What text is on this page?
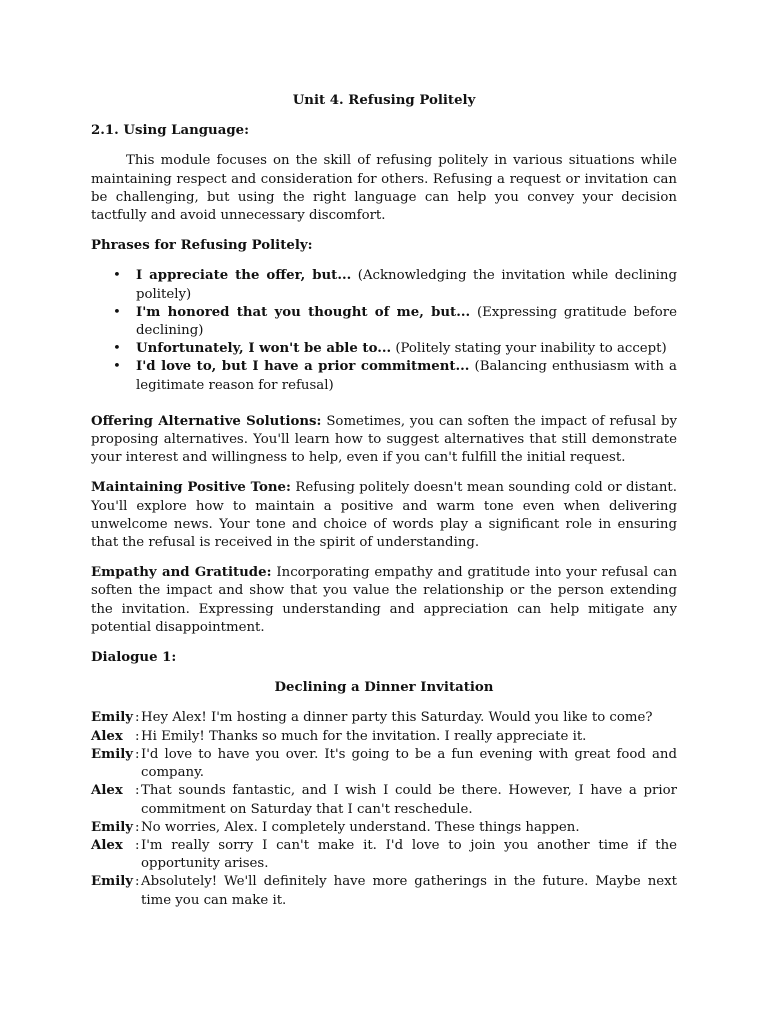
Unit 4. Refusing Politely
2.1. Using Language:

This module focuses on the skill of refusing politely in various situations while maintaining respect and consideration for others. Refusing a request or invitation can be challenging, but using the right language can help you convey your decision tactfully and avoid unnecessary discomfort.

Phrases for Refusing Politely:
• I appreciate the offer, but... (Acknowledging the invitation while declining politely)
• I'm honored that you thought of me, but... (Expressing gratitude before declining)
• Unfortunately, I won't be able to... (Politely stating your inability to accept)
• I'd love to, but I have a prior commitment... (Balancing enthusiasm with a legitimate reason for refusal)

Offering Alternative Solutions: Sometimes, you can soften the impact of refusal by proposing alternatives. You'll learn how to suggest alternatives that still demonstrate your interest and willingness to help, even if you can't fulfill the initial request.

Maintaining Positive Tone: Refusing politely doesn't mean sounding cold or distant. You'll explore how to maintain a positive and warm tone even when delivering unwelcome news. Your tone and choice of words play a significant role in ensuring that the refusal is received in the spirit of understanding.

Empathy and Gratitude: Incorporating empathy and gratitude into your refusal can soften the impact and show that you value the relationship or the person extending the invitation. Expressing understanding and appreciation can help mitigate any potential disappointment.

Dialogue 1:
Declining a Dinner Invitation
Emily : Hey Alex! I'm hosting a dinner party this Saturday. Would you like to come?
Alex : Hi Emily! Thanks so much for the invitation. I really appreciate it.
Emily : I'd love to have you over. It's going to be a fun evening with great food and company.
Alex : That sounds fantastic, and I wish I could be there. However, I have a prior commitment on Saturday that I can't reschedule.
Emily : No worries, Alex. I completely understand. These things happen.
Alex : I'm really sorry I can't make it. I'd love to join you another time if the opportunity arises.
Emily : Absolutely! We'll definitely have more gatherings in the future. Maybe next time you can make it.
